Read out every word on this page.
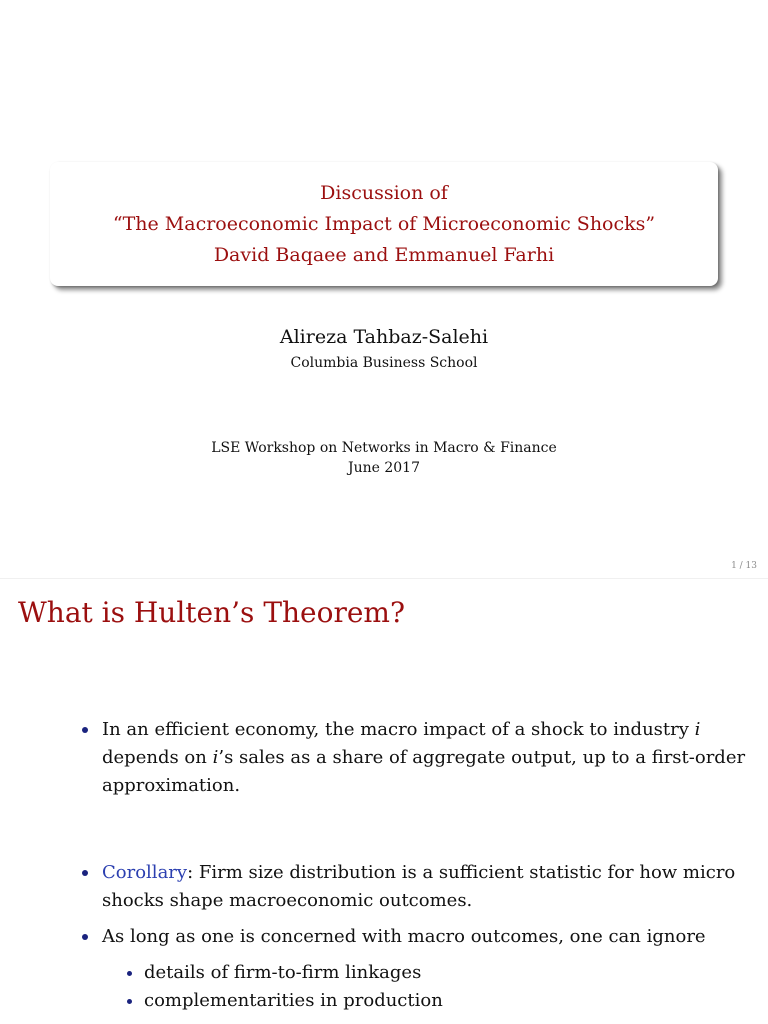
Discussion of
“The Macroeconomic Impact of Microeconomic Shocks”
David Baqaee and Emmanuel Farhi
Alireza Tahbaz-Salehi
Columbia Business School
LSE Workshop on Networks in Macro & Finance
June 2017
1 / 13
What is Hulten’s Theorem?
In an efficient economy, the macro impact of a shock to industry i
depends on i’s sales as a share of aggregate output, up to a first-order
approximation.
Corollary: Firm size distribution is a sufficient statistic for how micro
shocks shape macroeconomic outcomes.
As long as one is concerned with macro outcomes, one can ignore
details of firm-to-firm linkages
complementarities in production
